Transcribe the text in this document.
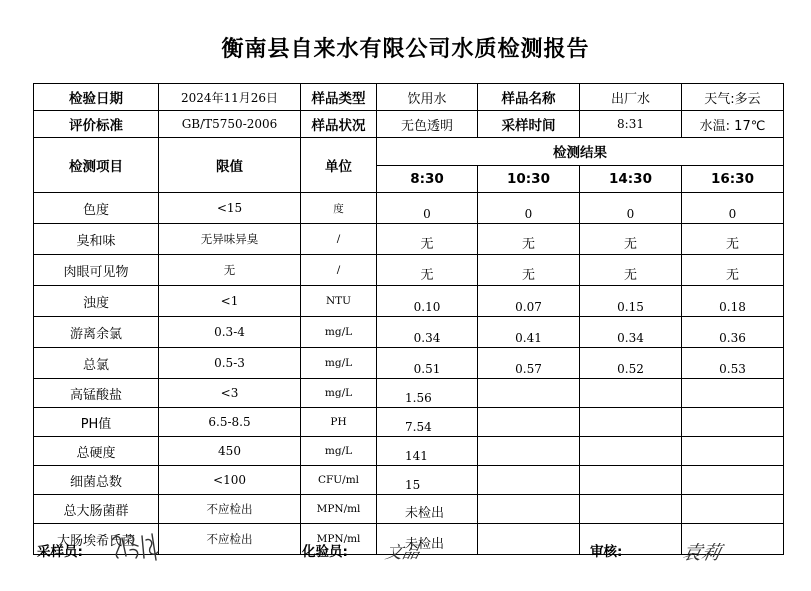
衡南县自来水有限公司水质检测报告
检验日期	2024年11月26日	样品类型	饮用水	样品名称	出厂水	天气:多云
评价标准	GB/T5750-2006	样品状况	无色透明	采样时间	8:31	水温: 17℃
检测项目	限值	单位	检测结果			
			8:30	10:30	14:30	16:30
色度	<15	度	0	0	0	0
臭和味	无异味异臭	/	无	无	无	无
肉眼可见物	无	/	无	无	无	无
浊度	<1	NTU	0.10	0.07	0.15	0.18
游离余氯	0.3-4	mg/L	0.34	0.41	0.34	0.36
总氯	0.5-3	mg/L	0.51	0.57	0.52	0.53
高锰酸盐	<3	mg/L	1.56			
PH值	6.5-8.5	PH	7.54			
总硬度	450	mg/L	141			
细菌总数	<100	CFU/ml	15			
总大肠菌群	不应检出	MPN/ml	未检出			
大肠埃希氏菌	不应检出	MPN/ml	未检出			
采样员:	化验员: 文品	审核:	袁莉
